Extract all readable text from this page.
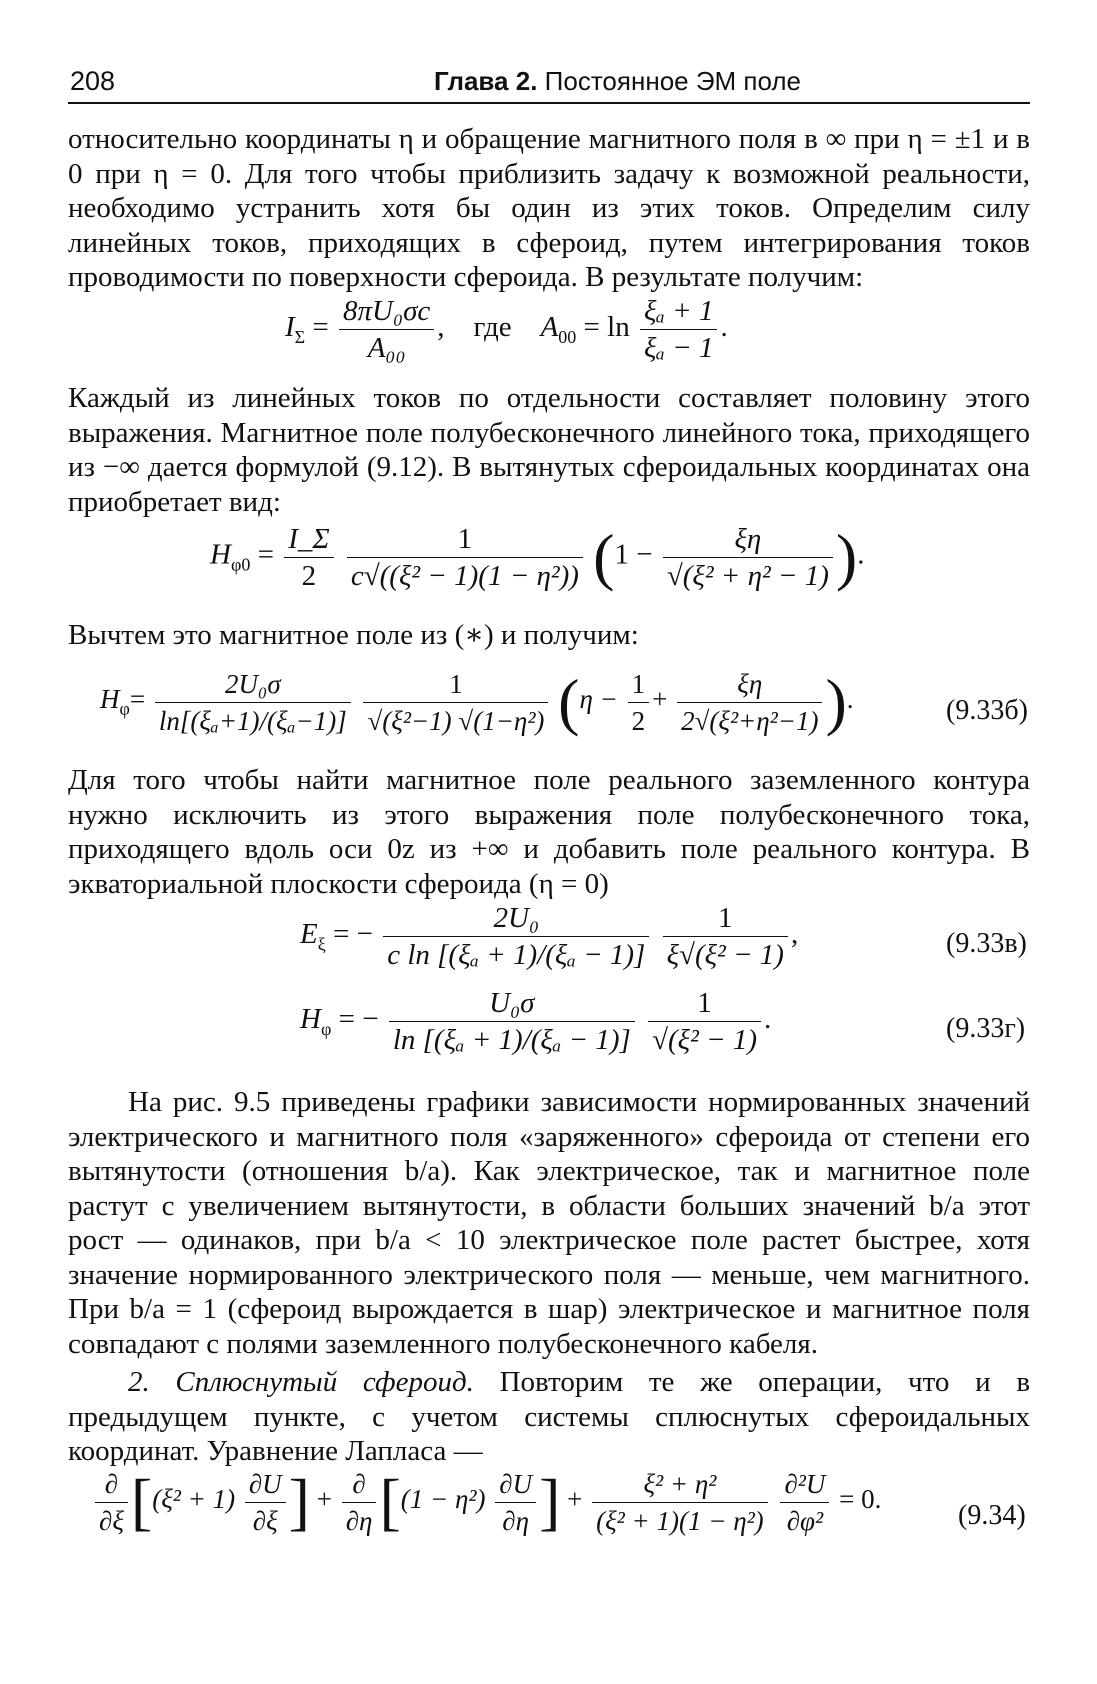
208	Глава 2. Постоянное ЭМ поле
относительно координаты η и обращение магнитного поля в ∞ при η = ±1 и в 0 при η = 0. Для того чтобы приблизить задачу к возможной реальности, необходимо устранить хотя бы один из этих токов. Определим силу линейных токов, приходящих в сфероид, путем интегрирования токов проводимости по поверхности сфероида. В результате получим:
$I_\Sigma = \frac{\text{8πU₀σc}}{\text{A₀₀}}$ ,    где $A_{00} = \ln \frac{\text{ξₐ + 1}}{\text{ξₐ − 1}}$ .
Каждый из линейных токов по отдельности составляет половину этого выражения. Магнитное поле полубесконечного линейного тока, приходящего из −∞ дается формулой (9.12). В вытянутых сфероидальных координатах она приобретает вид:
$H_{\varphi 0} = \frac{I\_\Sigma}{2}$
$\frac{1}{\text{c√((ξ² − 1)(1 − η²))}} (1 - \frac{\xi\eta}{\text{√(ξ² + η² − 1)}}$ ).
Вычтем это магнитное поле из (∗) и получим:
$H_\varphi= \frac{\text{2U₀σ}}{\text{ln[(ξₐ+1)/(ξₐ−1)]}}$
$\frac{1}{\text{√(ξ²−1) √(1−η²)}} (\eta - \frac{1}{2} + \frac{\xi\eta}{\text{2√(ξ²+η²−1)}}$ ).	(9.33б)
Для того чтобы найти магнитное поле реального заземленного контура нужно исключить из этого выражения поле полубесконечного тока, приходящего вдоль оси 0z из +∞ и добавить поле реального контура. В экваториальной плоскости сфероида (η = 0)
$E_\xi$ = − $\frac{\text{2U₀}}{\text{c ln [(ξₐ + 1)/(ξₐ − 1)]}}$
$\frac{1}{\text{ξ√(ξ² − 1)}}$ ,	(9.33в)
$H_\varphi$ = − $\frac{\text{U₀σ}}{\text{ln [(ξₐ + 1)/(ξₐ − 1)]}}$
$\frac{1}{\text{√(ξ² − 1)}}$ .	(9.33г)
На рис. 9.5 приведены графики зависимости нормированных значений электрического и магнитного поля «заряженного» сфероида от степени его вытянутости (отношения b/a). Как электрическое, так и магнитное поле растут с увеличением вытянутости, в области больших значений b/a этот рост — одинаков, при b/a < 10 электрическое поле растет быстрее, хотя значение нормированного электрического поля — меньше, чем магнитного. При b/a = 1 (сфероид вырождается в шар) электрическое и магнитное поля совпадают с полями заземленного полубесконечного кабеля.
2. Сплюснутый сфероид. Повторим те же операции, что и в предыдущем пункте, с учетом системы сплюснутых сфероидальных координат. Уравнение Лапласа —
$\frac{\partial}{\partial\xi} [(\xi^2 + 1) \frac{\partial U}{\partial\xi}$ ] + $\frac{\partial}{\partial\eta} [(1 - \eta^2) \frac{\partial U}{\partial\eta}$ ] + $\frac{\text{ξ² + η²}}{\text{(ξ² + 1)(1 − η²)}}$
$\frac{\text{∂²U}}{\text{∂φ²}} = 0$.
(9.34)
